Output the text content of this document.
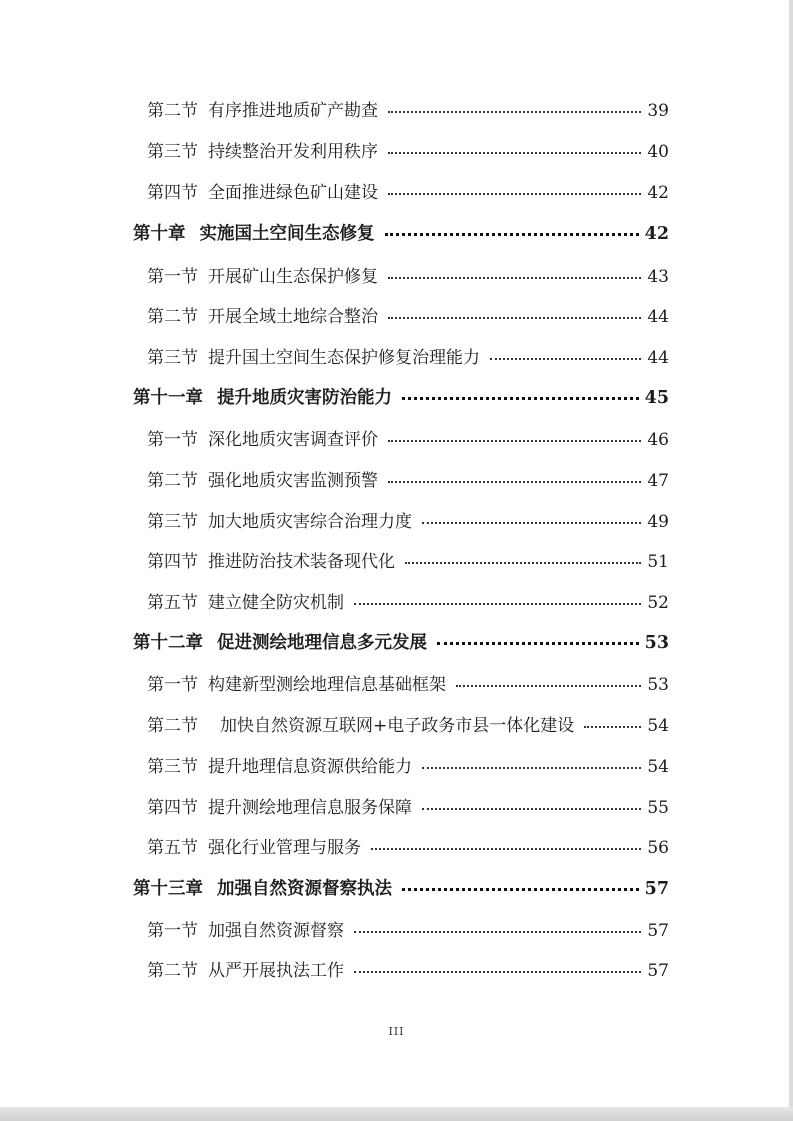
第二节 有序推进地质矿产勘查	39
第三节 持续整治开发利用秩序	40
第四节 全面推进绿色矿山建设	42
第十章 实施国土空间生态修复	42
第一节 开展矿山生态保护修复	43
第二节 开展全域土地综合整治	44
第三节 提升国土空间生态保护修复治理能力	44
第十一章 提升地质灾害防治能力	45
第一节 深化地质灾害调查评价	46
第二节 强化地质灾害监测预警	47
第三节 加大地质灾害综合治理力度	49
第四节 推进防治技术装备现代化	51
第五节 建立健全防灾机制	52
第十二章 促进测绘地理信息多元发展	53
第一节 构建新型测绘地理信息基础框架	53
第二节 加快自然资源互联网+电子政务市县一体化建设	54
第三节 提升地理信息资源供给能力	54
第四节 提升测绘地理信息服务保障	55
第五节 强化行业管理与服务	56
第十三章 加强自然资源督察执法	57
第一节 加强自然资源督察	57
第二节 从严开展执法工作	57
III
